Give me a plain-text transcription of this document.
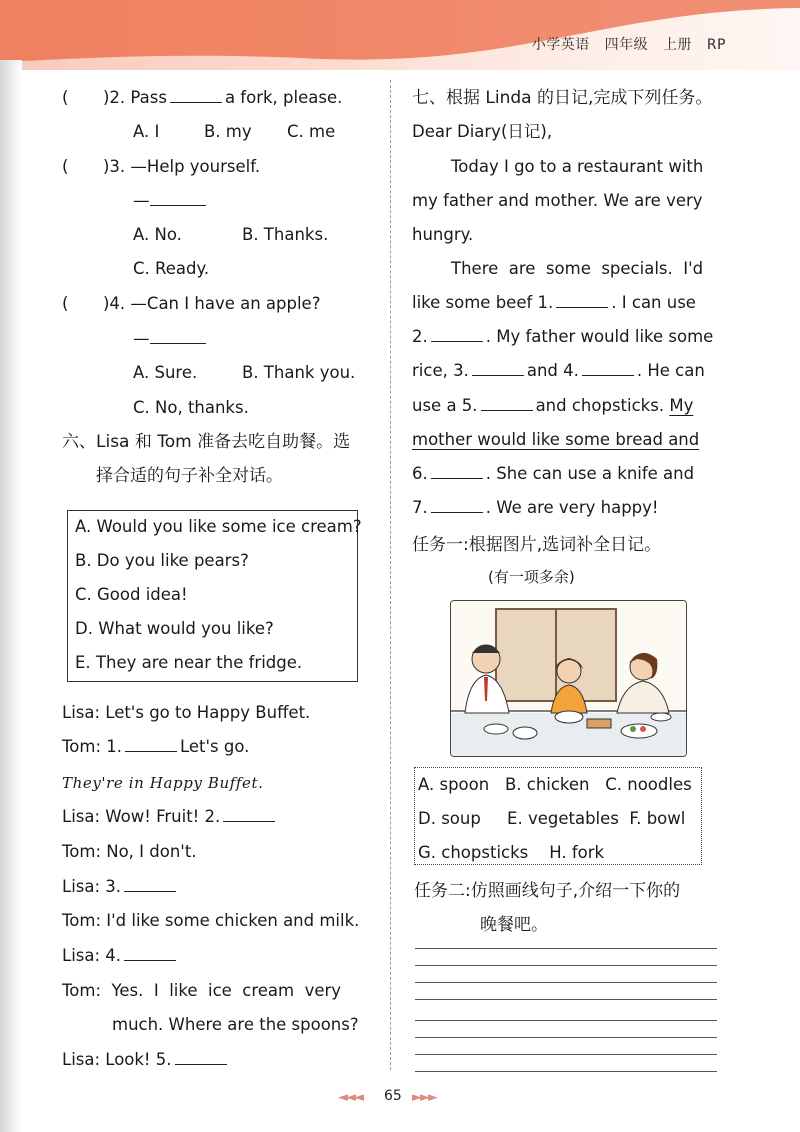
小学英语   四年级   上册   RP
( )2. Pass	a fork, please.
A. I	B. my C. me
( )3. —Help yourself.
—
A. No.	B. Thanks.
C. Ready.
( )4. —Can I have an apple?
—
A. Sure.	B. Thank you.
C. No, thanks.
六、Lisa 和 Tom 准备去吃自助餐。选
择合适的句子补全对话。
A. Would you like some ice cream?
B. Do you like pears?
C. Good idea!
D. What would you like?
E. They are near the fridge.
Lisa: Let's go to Happy Buffet.
Tom: 1.	Let's go.
They're in Happy Buffet.
Lisa: Wow! Fruit! 2.
Tom: No, I don't.
Lisa: 3.
Tom: I'd like some chicken and milk.
Lisa: 4.
Tom:  Yes.  I  like  ice  cream  very
much. Where are the spoons?
Lisa: Look! 5.
七、根据 Linda 的日记,完成下列任务。
Dear Diary(日记),
Today I go to a restaurant with
my father and mother. We are very
hungry.
There  are  some  specials.  I'd
like some beef 1.	. I can use
2.	. My father would like some
rice, 3.	and 4.	. He can
use a 5.	and chopsticks. My
mother would like some bread and
6.	. She can use a knife and
7.	. We are very happy!
任务一:根据图片,选词补全日记。
(有一项多余)
A. spoon   B. chicken   C. noodles
D. soup     E. vegetables  F. bowl
G. chopsticks    H. fork
任务二:仿照画线句子,介绍一下你的
晚餐吧。
◄◄◄ 65 ►►►
